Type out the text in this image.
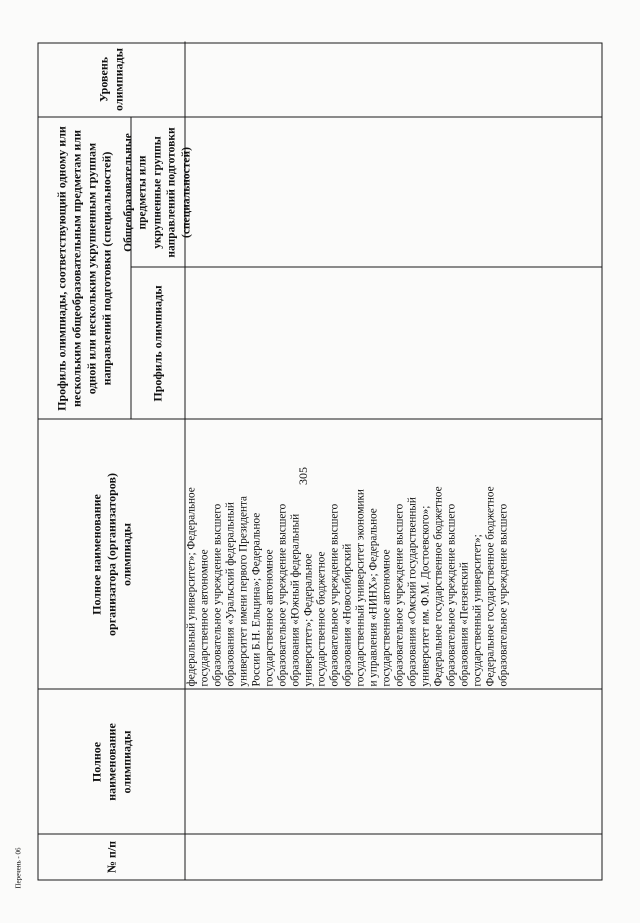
305
№ п/п
Полное наименование олимпиады
Полное наименование организатора (организаторов) олимпиады
Профиль олимпиады, соответствующий одному или нескольким общеобразовательным предметам или одной или нескольким укрупненным группам направлений подготовки (специальностей)	Профиль олимпиады
Общеобразовательные предметы или укрупненные группы направлений подготовки (специальностей)
Уровень олимпиады

федеральный университет»; Федеральное государственное автономное образовательное учреждение высшего образования «Уральский федеральный университет имени первого Президента России Б.Н. Ельцина»; Федеральное государственное автономное образовательное учреждение высшего образования «Южный федеральный университет»; Федеральное государственное бюджетное образовательное учреждение высшего образования «Новосибирский государственный университет экономики и управления «НИНХ»; Федеральное государственное автономное образовательное учреждение высшего образования «Омский государственный университет им. Ф.М. Достоевского»; Федеральное государственное бюджетное образовательное учреждение высшего образования «Пензенский государственный университет»; Федеральное государственное бюджетное образовательное учреждение высшего

Перечень - 06
